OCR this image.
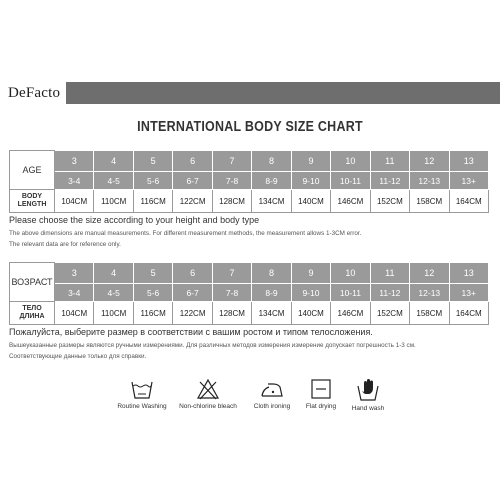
DeFacto
INTERNATIONAL BODY SIZE CHART
AGE	3	4	5	6	7	8	9	10	11	12	13
	3-4	4-5	5-6	6-7	7-8	8-9	9-10	10-11	11-12	12-13	13+
BODY
LENGTH	104CM	110CM	116CM	122CM	128CM	134CM	140CM	146CM	152CM	158CM	164CM
Please choose the size according to your height and body type
The above dimensions are manual measurements. For different measurement methods, the measurement allows 1-3CM error.
The relevant data are for reference only.
ВОЗРАСТ	3	4	5	6	7	8	9	10	11	12	13
	3-4	4-5	5-6	6-7	7-8	8-9	9-10	10-11	11-12	12-13	13+
ТЕЛО
ДЛИНА	104CM	110CM	116CM	122CM	128CM	134CM	140CM	146CM	152CM	158CM	164CM
Пожалуйста, выберите размер в соответствии с вашим ростом и типом телосложения.
Вышеуказанные размеры являются ручными измерениями. Для различных методов измерения измерение допускает погрешность 1-3 см.
Соответствующие данные только для справки.
Routine Washing	Non-chlorine bleach	Cloth ironing	Flat drying	Hand wash
